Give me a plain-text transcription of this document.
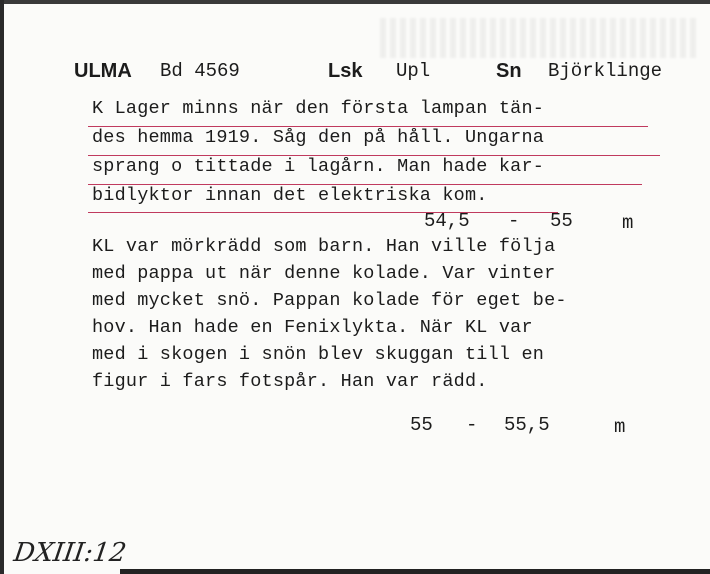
ULMA Bd 4569	Lsk Upl	Sn Björklinge
K Lager minns när den första lampan tän-
des hemma 1919. Såg den på håll. Ungarna
sprang o tittade i lagårn. Man hade kar-
bidlyktor innan det elektriska kom.
54,5 - 55	m
KL var mörkrädd som barn. Han ville följa
med pappa ut när denne kolade. Var vinter
med mycket snö. Pappan kolade för eget be-
hov. Han hade en Fenixlykta. När KL var
med i skogen i snön blev skuggan till en
figur i fars fotspår. Han var rädd.
55 - 55,5	m
DXIII:12
